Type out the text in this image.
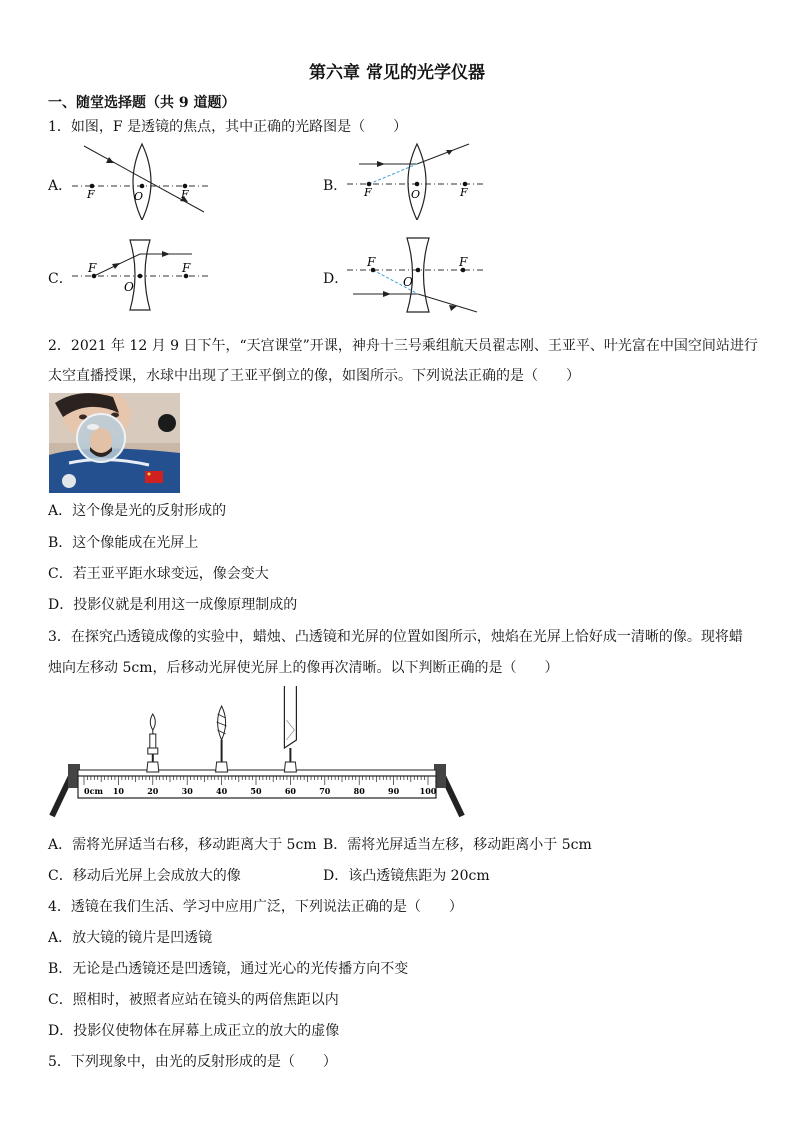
第六章 常见的光学仪器
一、随堂选择题（共 9 道题）
1．如图，F 是透镜的焦点，其中正确的光路图是（　　）
A．
F	O	F
B． F	O	F
C．
F
O
F
D．
F
O
F
2．2021 年 12 月 9 日下午，“天宫课堂”开课，神舟十三号乘组航天员翟志刚、王亚平、叶光富在中国空间站进行
太空直播授课，水球中出现了王亚平倒立的像，如图所示。下列说法正确的是（　　）
A．这个像是光的反射形成的
B．这个像能成在光屏上
C．若王亚平距水球变远，像会变大
D．投影仪就是利用这一成像原理制成的
3．在探究凸透镜成像的实验中，蜡烛、凸透镜和光屏的位置如图所示，烛焰在光屏上恰好成一清晰的像。现将蜡
烛向左移动 5cm，后移动光屏使光屏上的像再次清晰。以下判断正确的是（　　）
0cm 10	20	30	40	50	60	70	80	90	100
A．需将光屏适当右移，移动距离大于 5cm B．需将光屏适当左移，移动距离小于 5cm
C．移动后光屏上会成放大的像	D．该凸透镜焦距为 20cm
4．透镜在我们生活、学习中应用广泛，下列说法正确的是（　　）
A．放大镜的镜片是凹透镜
B．无论是凸透镜还是凹透镜，通过光心的光传播方向不变
C．照相时，被照者应站在镜头的两倍焦距以内
D．投影仪使物体在屏幕上成正立的放大的虚像
5．下列现象中，由光的反射形成的是（　　）
